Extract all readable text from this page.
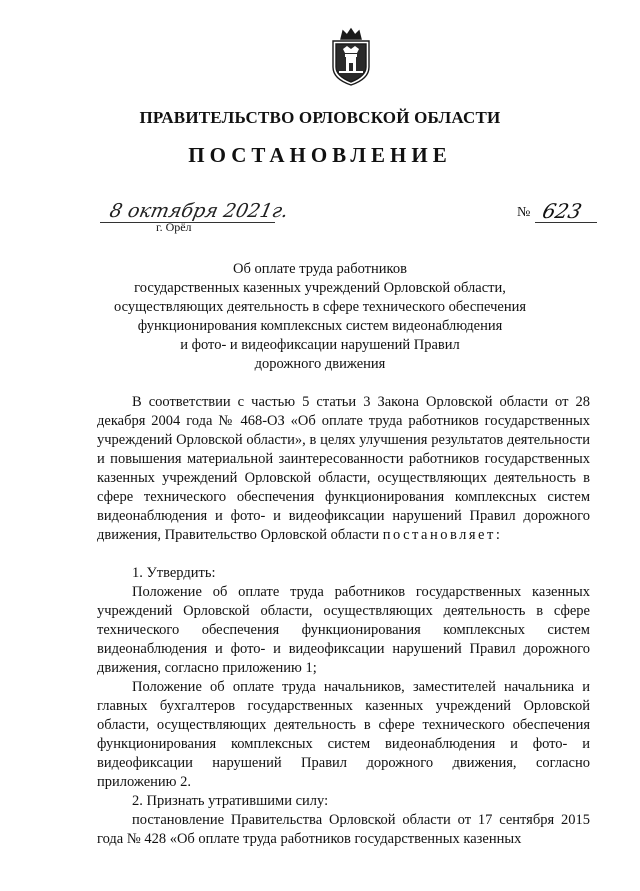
ПРАВИТЕЛЬСТВО ОРЛОВСКОЙ ОБЛАСТИ
ПОСТАНОВЛЕНИЕ
8 октября 2021г.
г. Орёл
№ 623
Об оплате труда работников
государственных казенных учреждений Орловской области,
осуществляющих деятельность в сфере технического обеспечения
функционирования комплексных систем видеонаблюдения
и фото- и видеофиксации нарушений Правил
дорожного движения

В соответствии с частью 5 статьи 3 Закона Орловской области от 28 декабря 2004 года № 468-ОЗ «Об оплате труда работников государственных учреждений Орловской области», в целях улучшения результатов деятельности и повышения материальной заинтересованности работников государственных казенных учреждений Орловской области, осуществляющих деятельность в сфере технического обеспечения функционирования комплексных систем видеонаблюдения и фото- и видеофиксации нарушений Правил дорожного движения, Правительство Орловской области постановляет:

1. Утвердить:

Положение об оплате труда работников государственных казенных учреждений Орловской области, осуществляющих деятельность в сфере технического обеспечения функционирования комплексных систем видеонаблюдения и фото- и видеофиксации нарушений Правил дорожного движения, согласно приложению 1;

Положение об оплате труда начальников, заместителей начальника и главных бухгалтеров государственных казенных учреждений Орловской области, осуществляющих деятельность в сфере технического обеспечения функционирования комплексных систем видеонаблюдения и фото- и видеофиксации нарушений Правил дорожного движения, согласно приложению 2.

2. Признать утратившими силу:

постановление Правительства Орловской области от 17 сентября 2015 года № 428 «Об оплате труда работников государственных казенных
